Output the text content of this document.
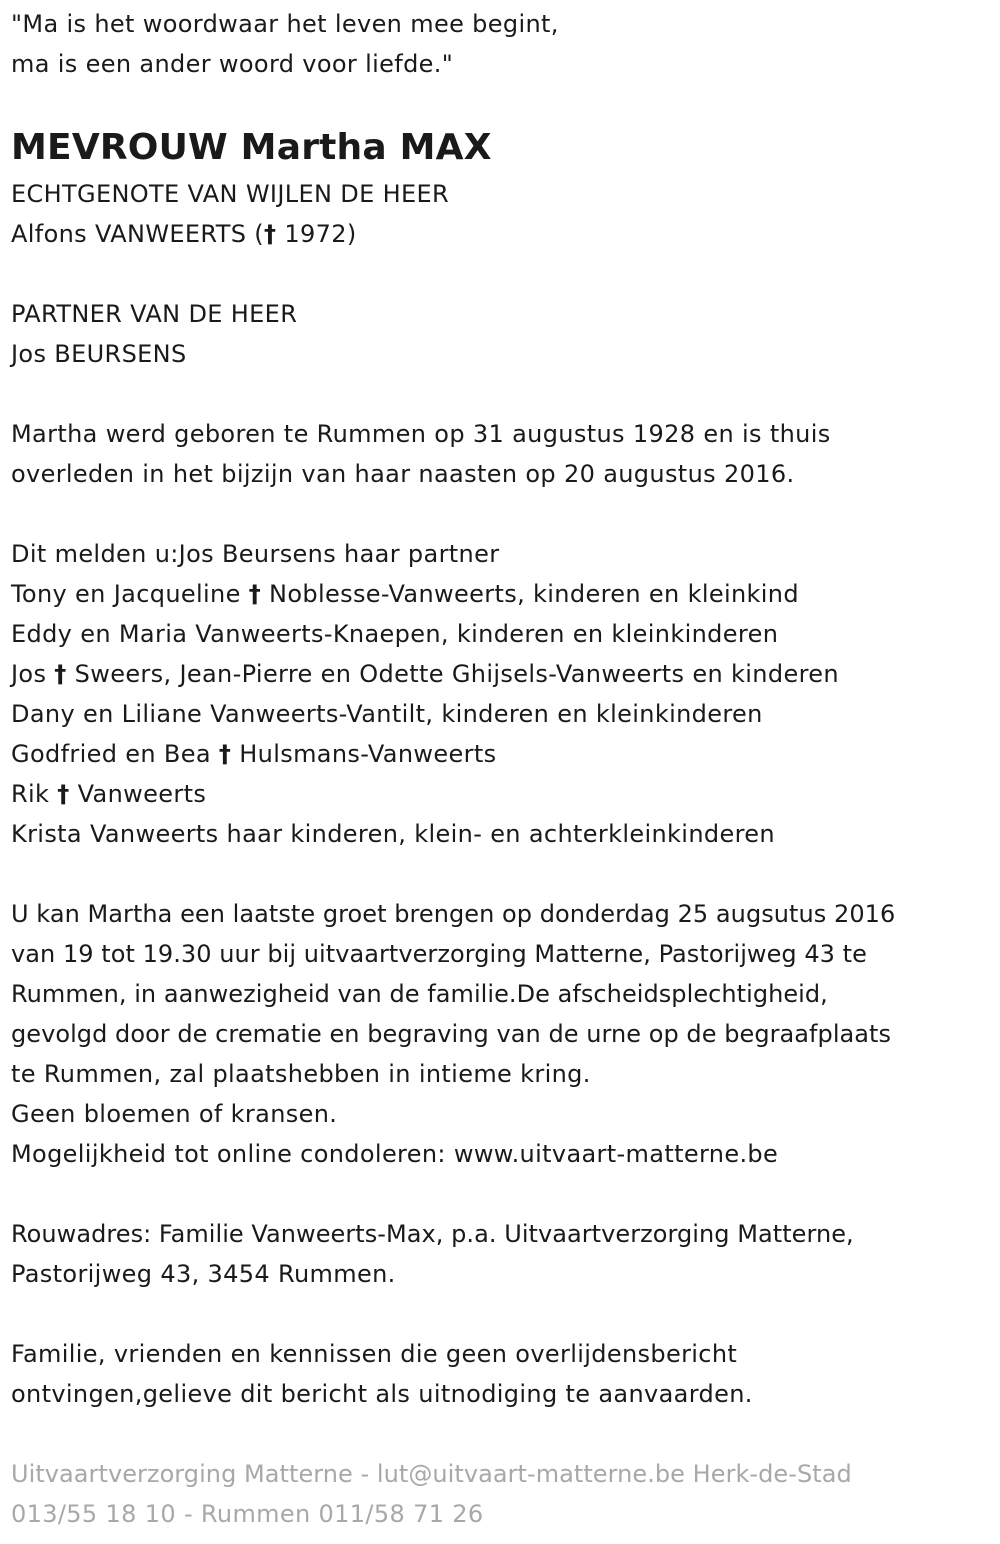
"Ma is het woordwaar het leven mee begint,
ma is een ander woord voor liefde."
MEVROUW Martha MAX
ECHTGENOTE VAN WIJLEN DE HEER
Alfons VANWEERTS († 1972)
PARTNER VAN DE HEER
Jos BEURSENS
Martha werd geboren te Rummen op 31 augustus 1928 en is thuis
overleden in het bijzijn van haar naasten op 20 augustus 2016.
Dit melden u:Jos Beursens haar partner
Tony en Jacqueline † Noblesse-Vanweerts, kinderen en kleinkind
Eddy en Maria Vanweerts-Knaepen, kinderen en kleinkinderen
Jos † Sweers, Jean-Pierre en Odette Ghijsels-Vanweerts en kinderen
Dany en Liliane Vanweerts-Vantilt, kinderen en kleinkinderen
Godfried en Bea † Hulsmans-Vanweerts
Rik † Vanweerts
Krista Vanweerts haar kinderen, klein- en achterkleinkinderen
U kan Martha een laatste groet brengen op donderdag 25 augsutus 2016
van 19 tot 19.30 uur bij uitvaartverzorging Matterne, Pastorijweg 43 te
Rummen, in aanwezigheid van de familie.De afscheidsplechtigheid,
gevolgd door de crematie en begraving van de urne op de begraafplaats
te Rummen, zal plaatshebben in intieme kring.
Geen bloemen of kransen.
Mogelijkheid tot online condoleren: www.uitvaart-matterne.be
Rouwadres: Familie Vanweerts-Max, p.a. Uitvaartverzorging Matterne,
Pastorijweg 43, 3454 Rummen.
Familie, vrienden en kennissen die geen overlijdensbericht
ontvingen,gelieve dit bericht als uitnodiging te aanvaarden.
Uitvaartverzorging Matterne - lut@uitvaart-matterne.be Herk-de-Stad
013/55 18 10 - Rummen 011/58 71 26
